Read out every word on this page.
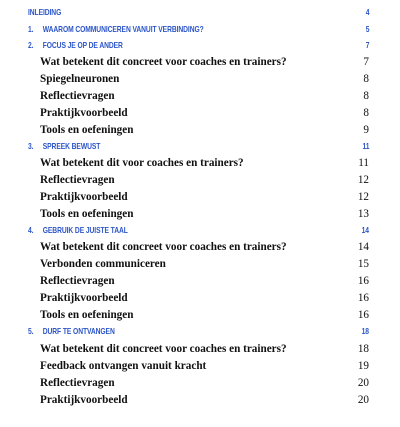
INLEIDING	4
1. WAAROM COMMUNICEREN VANUIT VERBINDING?	5
2. FOCUS JE OP DE ANDER	7
Wat betekent dit concreet voor coaches en trainers?	7
Spiegelneuronen	8
Reflectievragen	8
Praktijkvoorbeeld	8
Tools en oefeningen	9
3. SPREEK BEWUST	11
Wat betekent dit voor coaches en trainers?	11
Reflectievragen	12
Praktijkvoorbeeld	12
Tools en oefeningen	13
4. GEBRUIK DE JUISTE TAAL	14
Wat betekent dit concreet voor coaches en trainers?	14
Verbonden communiceren	15
Reflectievragen	16
Praktijkvoorbeeld	16
Tools en oefeningen	16
5. DURF TE ONTVANGEN	18
Wat betekent dit concreet voor coaches en trainers?	18
Feedback ontvangen vanuit kracht	19
Reflectievragen	20
Praktijkvoorbeeld	20
